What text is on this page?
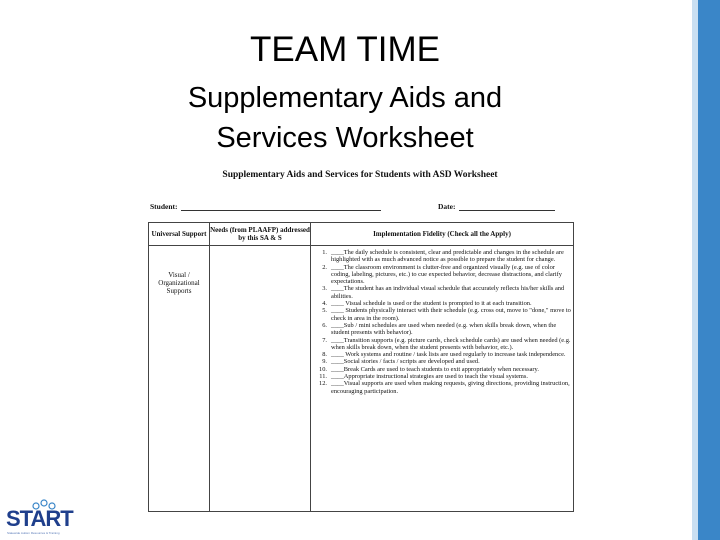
TEAM TIME
Supplementary Aids and
Services Worksheet
Supplementary Aids and Services for Students with ASD Worksheet
Student:	Date:
Universal Support Needs (from PLAAFP) addressed by this SA & S	Implementation Fidelity (Check all the Apply)
Visual / Organizational Supports
1. ____The daily schedule is consistent, clear and predictable and changes in the schedule are highlighted with as much advanced notice as possible to prepare the student for change.
2. ____The classroom environment is clutter-free and organized visually (e.g. use of color coding, labeling, pictures, etc.) to cue expected behavior, decrease distractions, and clarify expectations.
3. ____The student has an individual visual schedule that accurately reflects his/her skills and abilities.
4. ____ Visual schedule is used or the student is prompted to it at each transition.
5. ____ Students physically interact with their schedule (e.g. cross out, move to "done," move to check in area in the room).
6. ____Sub / mini schedules are used when needed (e.g. when skills break down, when the student presents with behavior).
7. ____Transition supports (e.g. picture cards, check schedule cards) are used when needed (e.g. when skills break down, when the student presents with behavior, etc.).
8. ____ Work systems and routine / task lists are used regularly to increase task independence.
9. ____Social stories / facts / scripts are developed and used.
10. ____Break Cards are used to teach students to exit appropriately when necessary.
11. ____Appropriate instructional strategies are used to teach the visual systems.
12. ____Visual supports are used when making requests, giving directions, providing instruction, encouraging participation.
START
Statewide Autism Resources & Training
